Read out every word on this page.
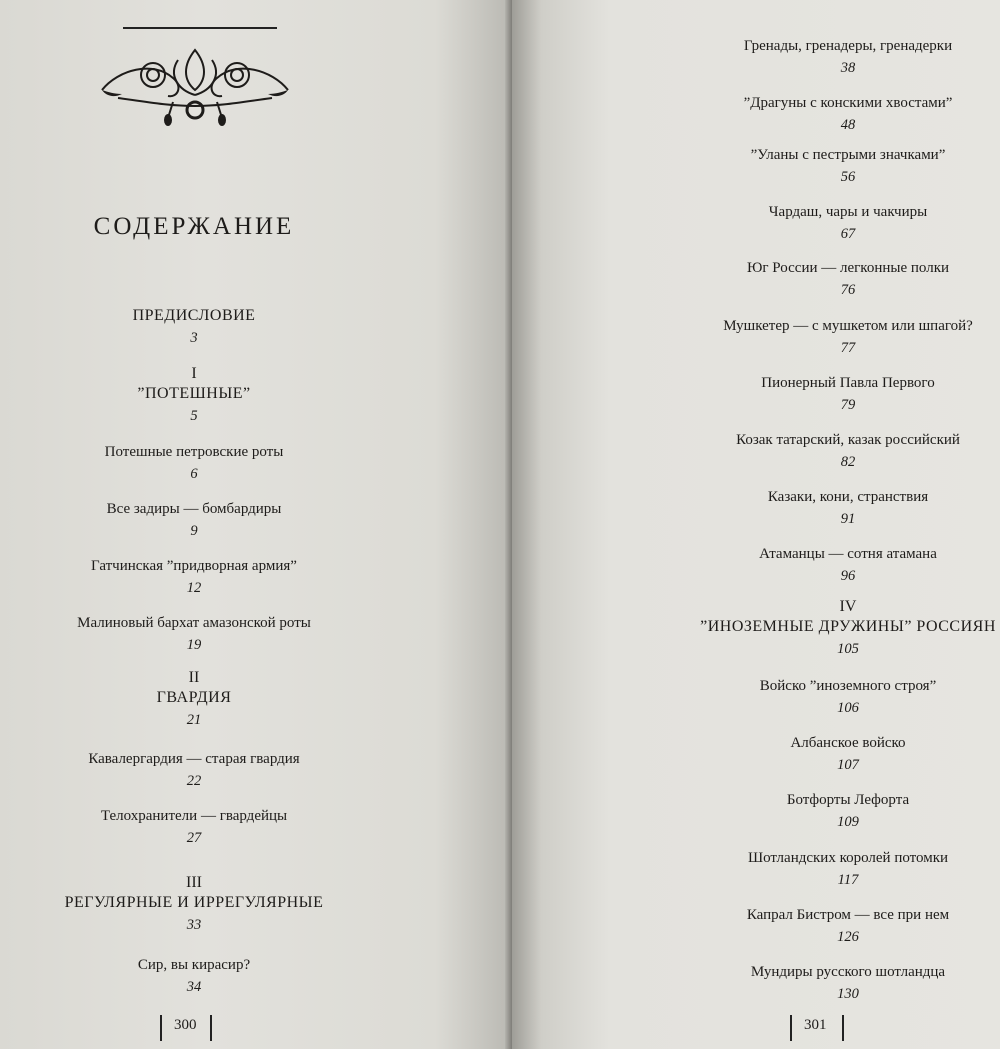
СОДЕРЖАНИЕ
ПРЕДИСЛОВИЕ
3
I
”ПОТЕШНЫЕ”
5
Потешные петровские роты
6
Все задиры — бомбардиры
9
Гатчинская ”придворная армия”
12
Малиновый бархат амазонской роты
19
II
ГВАРДИЯ
21
Кавалергардия — старая гвардия
22
Телохранители — гвардейцы
27
III
РЕГУЛЯРНЫЕ И ИРРЕГУЛЯРНЫЕ
33
Сир, вы кирасир?
34
300
Гренады, гренадеры, гренадерки
38
”Драгуны с конскими хвостами”
48
”Уланы с пестрыми значками”
56
Чардаш, чары и чакчиры
67
Юг России — легконные полки
76
Мушкетер — с мушкетом или шпагой?
77
Пионерный Павла Первого
79
Козак татарский, казак российский
82
Казаки, кони, странствия
91
Атаманцы — сотня атамана
96
IV
”ИНОЗЕМНЫЕ ДРУЖИНЫ” РОССИЯН
105
Войско ”иноземного строя”
106
Албанское войско
107
Ботфорты Лефорта
109
Шотландских королей потомки
117
Капрал Бистром — все при нем
126
Мундиры русского шотландца
130
301
